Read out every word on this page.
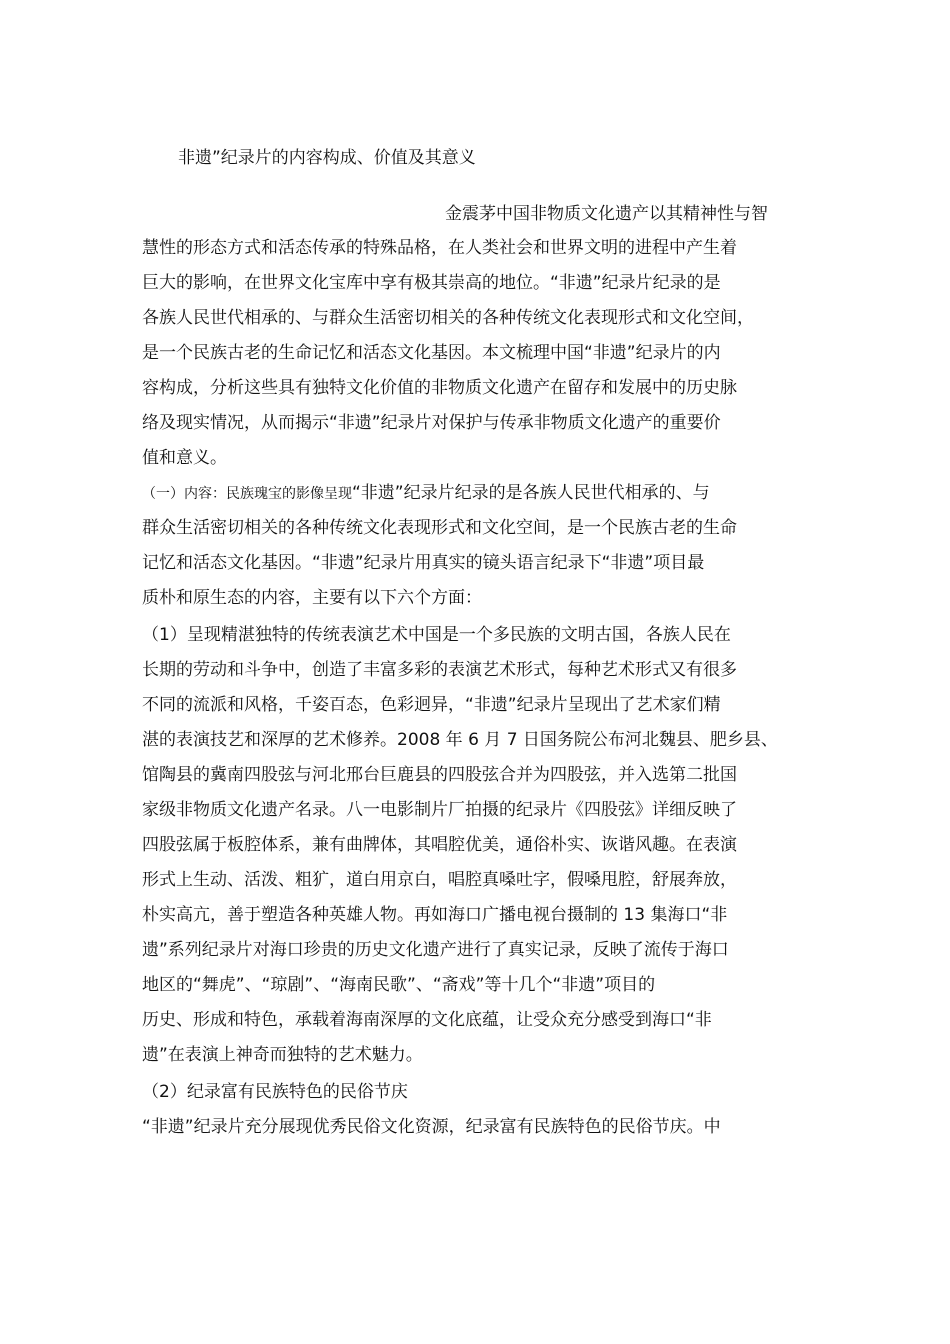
非遗”纪录片的内容构成、价值及其意义
金震茅中国非物质文化遗产以其精神性与智
慧性的形态方式和活态传承的特殊品格，在人类社会和世界文明的进程中产生着
巨大的影响，在世界文化宝库中享有极其崇高的地位。“非遗”纪录片纪录的是
各族人民世代相承的、与群众生活密切相关的各种传统文化表现形式和文化空间，
是一个民族古老的生命记忆和活态文化基因。本文梳理中国“非遗”纪录片的内
容构成，分析这些具有独特文化价值的非物质文化遗产在留存和发展中的历史脉
络及现实情况，从而揭示“非遗”纪录片对保护与传承非物质文化遗产的重要价
值和意义。
（一）内容：民族瑰宝的影像呈现“非遗”纪录片纪录的是各族人民世代相承的、与
群众生活密切相关的各种传统文化表现形式和文化空间，是一个民族古老的生命
记忆和活态文化基因。“非遗”纪录片用真实的镜头语言纪录下“非遗”项目最
质朴和原生态的内容，主要有以下六个方面：
（1）呈现精湛独特的传统表演艺术中国是一个多民族的文明古国，各族人民在
长期的劳动和斗争中，创造了丰富多彩的表演艺术形式，每种艺术形式又有很多
不同的流派和风格，千姿百态，色彩迥异，“非遗”纪录片呈现出了艺术家们精
湛的表演技艺和深厚的艺术修养。2008 年 6 月 7 日国务院公布河北魏县、肥乡县、
馆陶县的冀南四股弦与河北邢台巨鹿县的四股弦合并为四股弦，并入选第二批国
家级非物质文化遗产名录。八一电影制片厂拍摄的纪录片《四股弦》详细反映了
四股弦属于板腔体系，兼有曲牌体，其唱腔优美，通俗朴实、诙谐风趣。在表演
形式上生动、活泼、粗犷，道白用京白，唱腔真嗓吐字，假嗓甩腔，舒展奔放，
朴实高亢，善于塑造各种英雄人物。再如海口广播电视台摄制的 13 集海口“非
遗”系列纪录片对海口珍贵的历史文化遗产进行了真实记录，反映了流传于海口
地区的“舞虎”、“琼剧”、“海南民歌”、“斋戏”等十几个“非遗”项目的
历史、形成和特色，承载着海南深厚的文化底蕴，让受众充分感受到海口“非
遗”在表演上神奇而独特的艺术魅力。
（2）纪录富有民族特色的民俗节庆
“非遗”纪录片充分展现优秀民俗文化资源，纪录富有民族特色的民俗节庆。中
